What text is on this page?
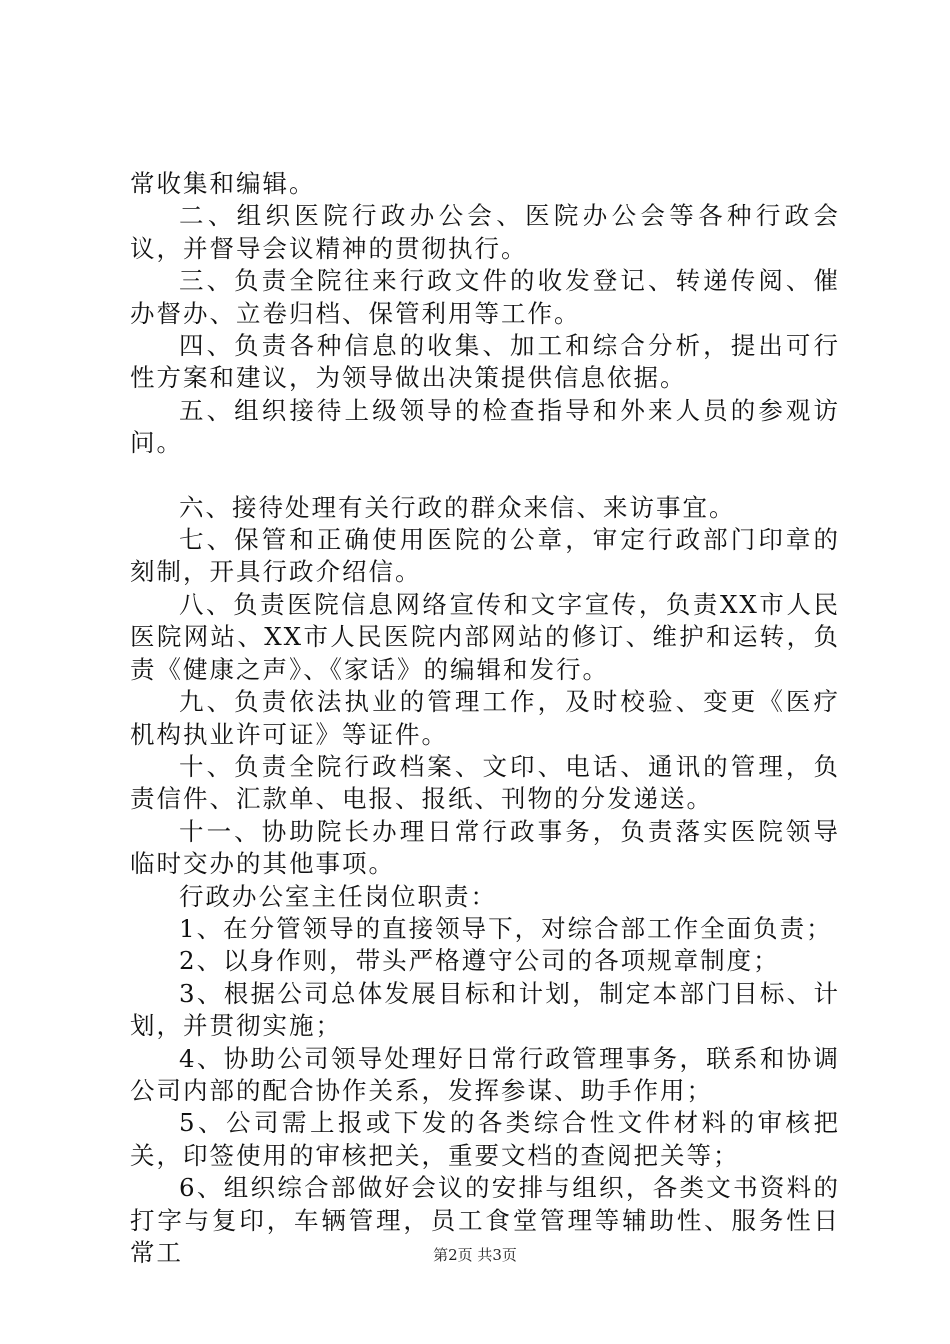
常收集和编辑。

二、组织医院行政办公会、医院办公会等各种行政会议，并督导会议精神的贯彻执行。

三、负责全院往来行政文件的收发登记、转递传阅、催办督办、立卷归档、保管利用等工作。

四、负责各种信息的收集、加工和综合分析，提出可行性方案和建议，为领导做出决策提供信息依据。

五、组织接待上级领导的检查指导和外来人员的参观访问。

六、接待处理有关行政的群众来信、来访事宜。

七、保管和正确使用医院的公章，审定行政部门印章的刻制，开具行政介绍信。

八、负责医院信息网络宣传和文字宣传，负责XX市人民医院网站、XX市人民医院内部网站的修订、维护和运转，负责《健康之声》、《家话》的编辑和发行。

九、负责依法执业的管理工作，及时校验、变更《医疗机构执业许可证》等证件。

十、负责全院行政档案、文印、电话、通讯的管理，负责信件、汇款单、电报、报纸、刊物的分发递送。

十一、协助院长办理日常行政事务，负责落实医院领导临时交办的其他事项。

行政办公室主任岗位职责：

1、在分管领导的直接领导下，对综合部工作全面负责；

2、以身作则，带头严格遵守公司的各项规章制度；

3、根据公司总体发展目标和计划，制定本部门目标、计划，并贯彻实施；

4、协助公司领导处理好日常行政管理事务，联系和协调公司内部的配合协作关系，发挥参谋、助手作用；

5、公司需上报或下发的各类综合性文件材料的审核把关，印签使用的审核把关，重要文档的查阅把关等；

6、组织综合部做好会议的安排与组织，各类文书资料的打字与复印，车辆管理，员工食堂管理等辅助性、服务性日常工	第2页 共3页
